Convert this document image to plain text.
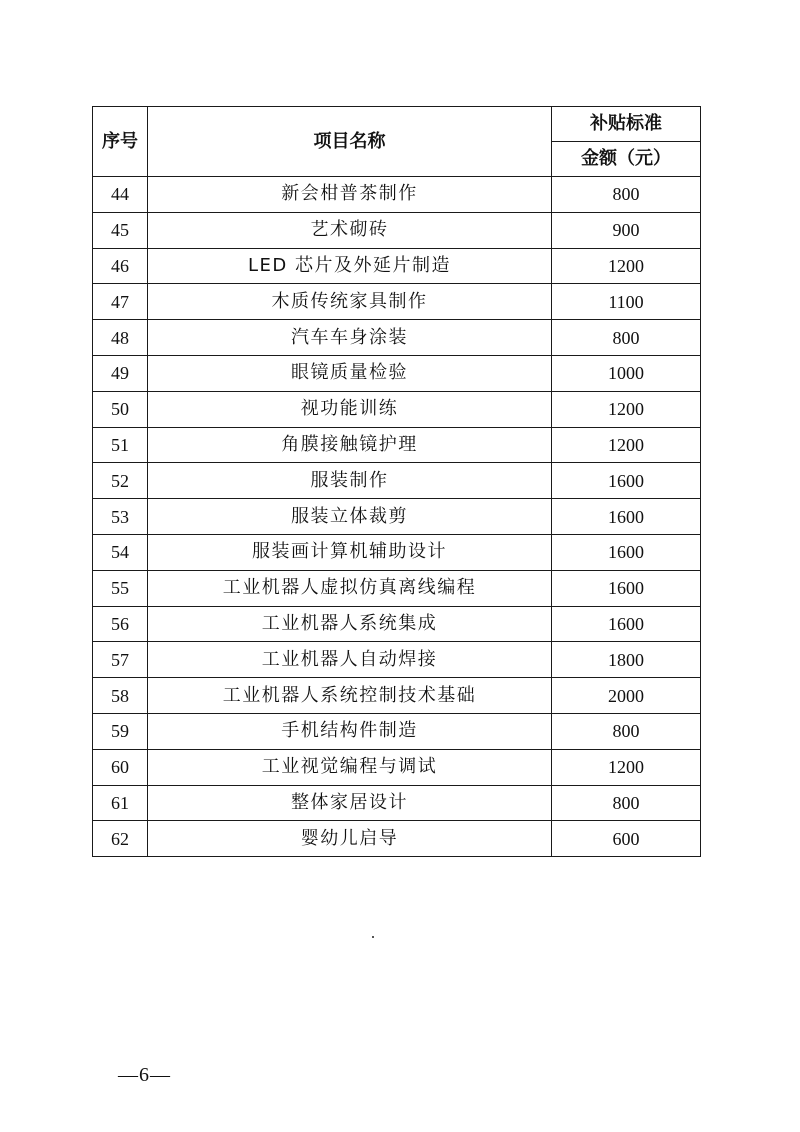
序号	项目名称	补贴标准
		金额（元）
44	新会柑普茶制作	800
45	艺术砌砖	900
46	LED 芯片及外延片制造	1200
47	木质传统家具制作	1100
48	汽车车身涂装	800
49	眼镜质量检验	1000
50	视功能训练	1200
51	角膜接触镜护理	1200
52	服装制作	1600
53	服装立体裁剪	1600
54	服装画计算机辅助设计	1600
55	工业机器人虚拟仿真离线编程	1600
56	工业机器人系统集成	1600
57	工业机器人自动焊接	1800
58	工业机器人系统控制技术基础	2000
59	手机结构件制造	800
60	工业视觉编程与调试	1200
61	整体家居设计	800
62	婴幼儿启导	600
—6—
